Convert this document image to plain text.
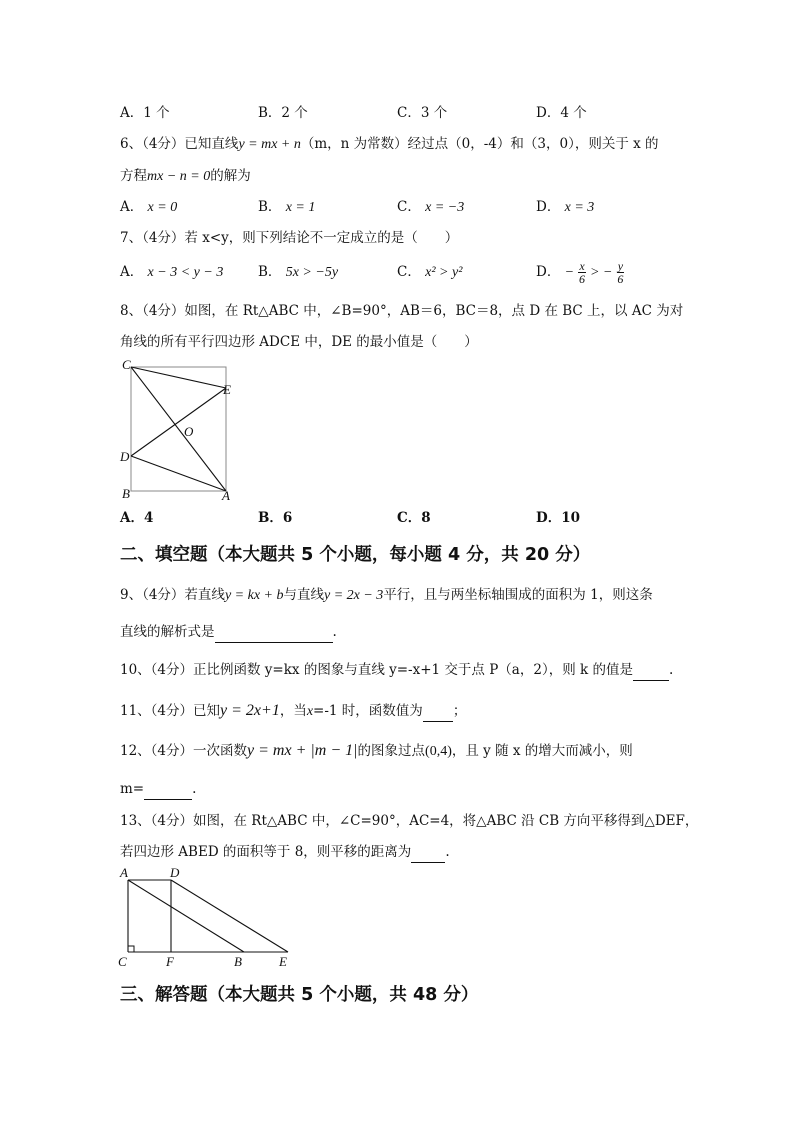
A．1 个	B．2 个	C．3 个	D．4 个
6、（4分）已知直线y = mx + n（m，n 为常数）经过点（0，-4）和（3，0），则关于 x 的
方程mx − n = 0的解为
A． x = 0	B． x = 1	C． x = −3	D． x = 3
7、（4分）若 x<y，则下列结论不一定成立的是（　　）
A． x − 3 < y − 3	B． 5x > −5y	C． x² > y²	D． − $\frac{x}{6}$ > − $\frac{y}{6}$
8、（4分）如图，在 Rt△ABC 中，∠B=90°，AB＝6，BC＝8，点 D 在 BC 上，以 AC 为对
角线的所有平行四边形 ADCE 中，DE 的最小值是（　　）
C
E
O
D
B	A
A．4	B．6	C．8	D．10
二、填空题（本大题共 5 个小题，每小题 4 分，共 20 分）
9、（4分）若直线y = kx + b与直线y = 2x − 3平行，且与两坐标轴围成的面积为 1，则这条
直线的解析式是	.
10、（4分）正比例函数 y=kx 的图象与直线 y=-x+1 交于点 P（a，2），则 k 的值是	.
11、（4分）已知y = 2x+1，当x=-1 时，函数值为 ；
12、（4分）一次函数y = mx + |m − 1|的图象过点(0,4)，且 y 随 x 的增大而减小，则
m=	.
13、（4分）如图，在 Rt△ABC 中，∠C=90°，AC=4，将△ABC 沿 CB 方向平移得到△DEF，
若四边形 ABED 的面积等于 8，则平移的距离为	.
A	D
C	F	B	E
三、解答题（本大题共 5 个小题，共 48 分）
